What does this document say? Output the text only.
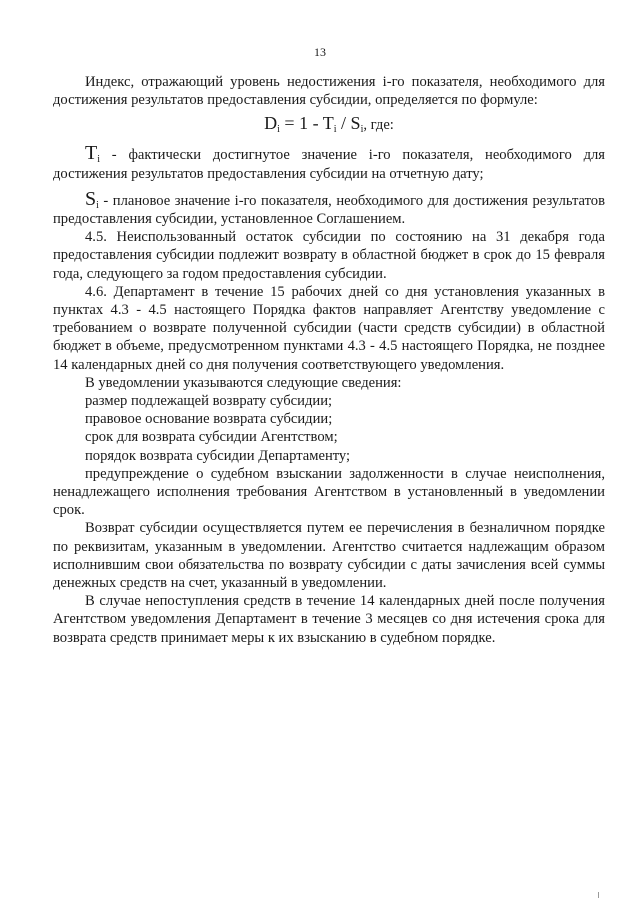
13

Индекс, отражающий уровень недостижения i-го показателя, необходимого для достижения результатов предоставления субсидии, определяется по формуле:

$D_i = 1 - T_i / S_i$, где:

$T_i$ - фактически достигнутое значение i-го показателя, необходимого для достижения результатов предоставления субсидии на отчетную дату;

$S_i$ - плановое значение i-го показателя, необходимого для достижения результатов предоставления субсидии, установленное Соглашением.

4.5. Неиспользованный остаток субсидии по состоянию на 31 декабря года предоставления субсидии подлежит возврату в областной бюджет в срок до 15 февраля года, следующего за годом предоставления субсидии.

4.6. Департамент в течение 15 рабочих дней со дня установления указанных в пунктах 4.3 - 4.5 настоящего Порядка фактов направляет Агентству уведомление с требованием о возврате полученной субсидии (части средств субсидии) в областной бюджет в объеме, предусмотренном пунктами 4.3 - 4.5 настоящего Порядка, не позднее 14 календарных дней со дня получения соответствующего уведомления.

В уведомлении указываются следующие сведения:

размер подлежащей возврату субсидии;

правовое основание возврата субсидии;

срок для возврата субсидии Агентством;

порядок возврата субсидии Департаменту;

предупреждение о судебном взыскании задолженности в случае неисполнения, ненадлежащего исполнения требования Агентством в установленный в уведомлении срок.

Возврат субсидии осуществляется путем ее перечисления в безналичном порядке по реквизитам, указанным в уведомлении. Агентство считается надлежащим образом исполнившим свои обязательства по возврату субсидии с даты зачисления всей суммы денежных средств на счет, указанный в уведомлении.

В случае непоступления средств в течение 14 календарных дней после получения Агентством уведомления Департамент в течение 3 месяцев со дня истечения срока для возврата средств принимает меры к их взысканию в судебном порядке.
